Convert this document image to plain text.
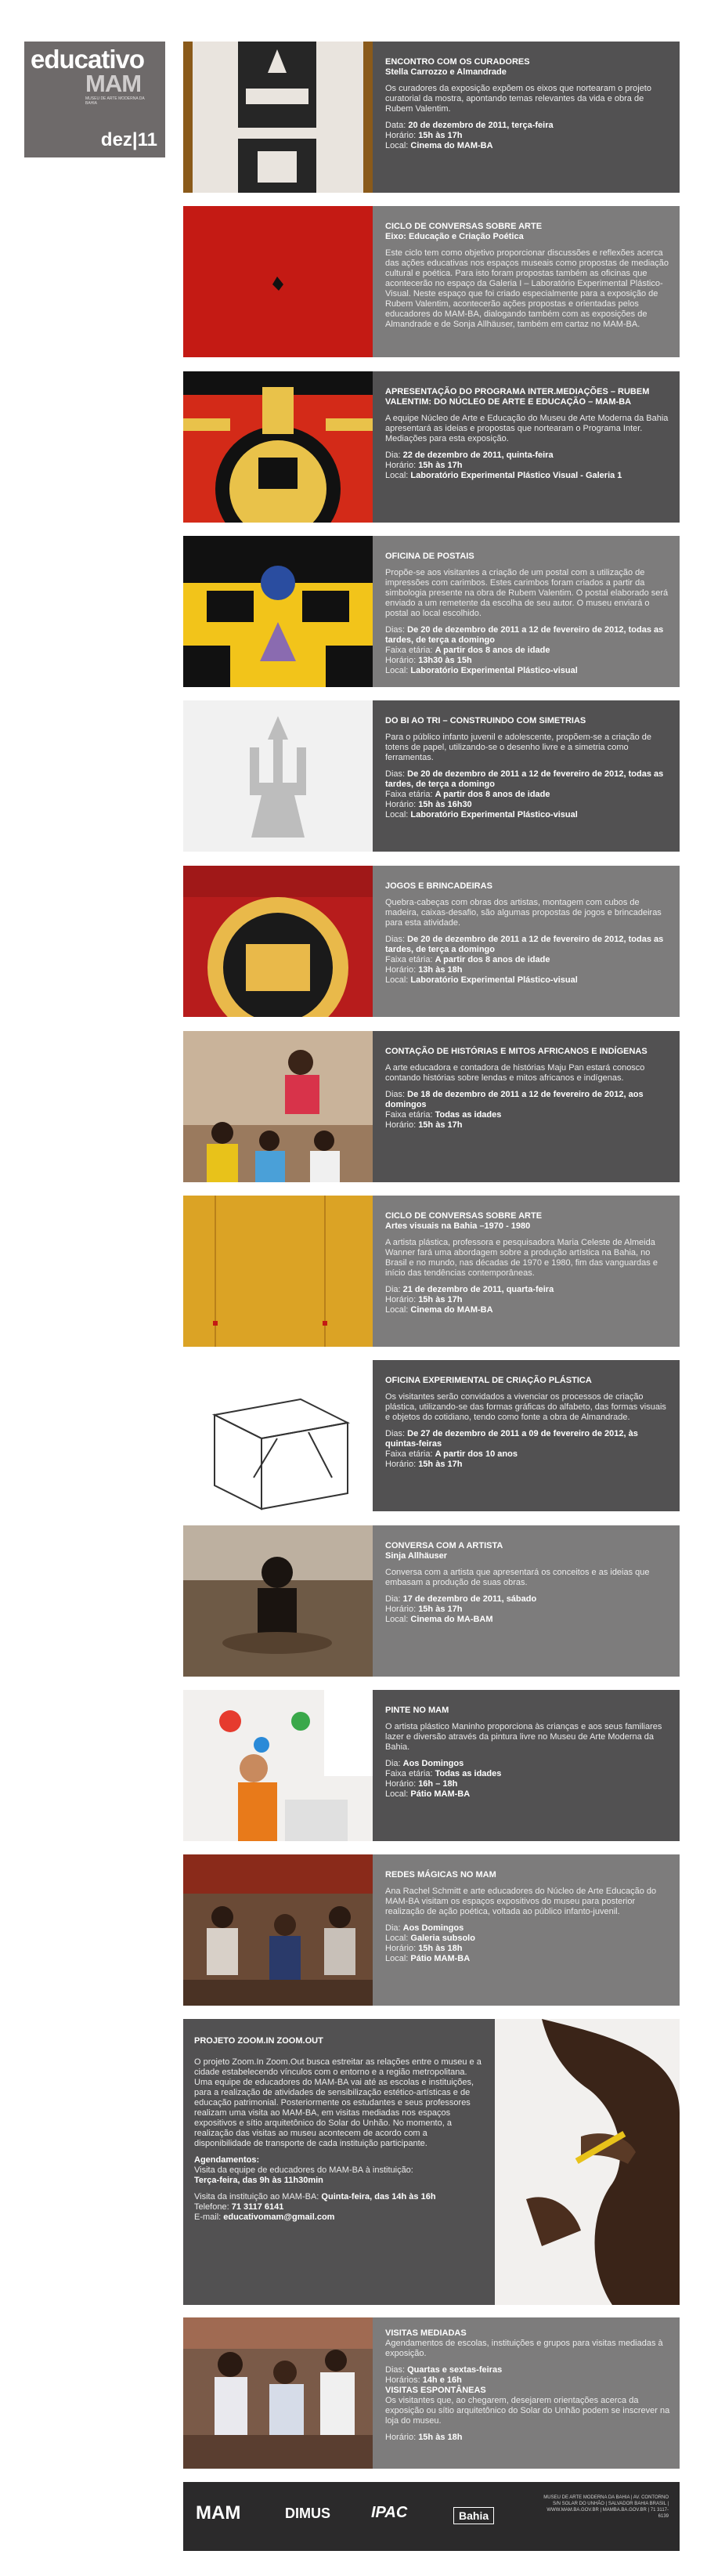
educativo
MAM
MUSEU DE ARTE MODERNA DA BAHIA
dez|11

ENCONTRO COM OS CURADORES

Stella Carrozzo e Almandrade

Os curadores da exposição expõem os eixos que nortearam o projeto curatorial da mostra, apontando temas relevantes da vida e obra de Rubem Valentim.

Data: 20 de dezembro de 2011, terça-feira

Horário: 15h às 17h

Local: Cinema do MAM-BA

CICLO DE CONVERSAS SOBRE ARTE

Eixo: Educação e Criação Poética

Este ciclo tem como objetivo proporcionar discussões e reflexões acerca das ações educativas nos espaços museais como propostas de mediação cultural e poética. Para isto foram propostas também as oficinas que acontecerão no espaço da Galeria I – Laboratório Experimental Plástico-Visual. Neste espaço que foi criado especialmente para a exposição de Rubem Valentim, acontecerão ações propostas e orientadas pelos educadores do MAM-BA, dialogando também com as exposições de Almandrade e de Sonja Allhäuser, também em cartaz no MAM-BA.

APRESENTAÇÃO DO PROGRAMA INTER.MEDIAÇÕES – RUBEM VALENTIM: DO NÚCLEO DE ARTE E EDUCAÇÃO – MAM-BA

A equipe Núcleo de Arte e Educação do Museu de Arte Moderna da Bahia apresentará as ideias e propostas que nortearam o Programa Inter. Mediações para esta exposição.

Dia: 22 de dezembro de 2011, quinta-feira

Horário: 15h às 17h

Local: Laboratório Experimental Plástico Visual - Galeria 1

OFICINA DE POSTAIS

Propõe-se aos visitantes a criação de um postal com a utilização de impressões com carimbos. Estes carimbos foram criados a partir da simbologia presente na obra de Rubem Valentim. O postal elaborado será enviado a um remetente da escolha de seu autor. O museu enviará o postal ao local escolhido.

Dias: De 20 de dezembro de 2011 a 12 de fevereiro de 2012, todas as tardes, de terça a domingo

Faixa etária: A partir dos 8 anos de idade

Horário: 13h30 às 15h

Local: Laboratório Experimental Plástico-visual

DO BI AO TRI – CONSTRUINDO COM SIMETRIAS

Para o público infanto juvenil e adolescente, propõem-se a criação de totens de papel, utilizando-se o desenho livre e a simetria como ferramentas.

Dias: De 20 de dezembro de 2011 a 12 de fevereiro de 2012, todas as tardes, de terça a domingo

Faixa etária: A partir dos 8 anos de idade

Horário: 15h às 16h30

Local: Laboratório Experimental Plástico-visual

JOGOS E BRINCADEIRAS

Quebra-cabeças com obras dos artistas, montagem com cubos de madeira, caixas-desafio, são algumas propostas de jogos e brincadeiras para esta atividade.

Dias: De 20 de dezembro de 2011 a 12 de fevereiro de 2012, todas as tardes, de terça a domingo

Faixa etária: A partir dos 8 anos de idade

Horário: 13h às 18h

Local: Laboratório Experimental Plástico-visual

CONTAÇÃO DE HISTÓRIAS E MITOS AFRICANOS E INDÍGENAS

A arte educadora e contadora de histórias Maju Pan estará conosco contando histórias sobre lendas e mitos africanos e indígenas.

Dias: De 18 de dezembro de 2011 a 12 de fevereiro de 2012, aos domingos

Faixa etária: Todas as idades

Horário: 15h às 17h

CICLO DE CONVERSAS SOBRE ARTE

Artes visuais na Bahia –1970 - 1980

A artista plástica, professora e pesquisadora Maria Celeste de Almeida Wanner fará uma abordagem sobre a produção artística na Bahia, no Brasil e no mundo, nas décadas de 1970 e 1980, fim das vanguardas e início das tendências contemporâneas.

Dia: 21 de dezembro de 2011, quarta-feira

Horário: 15h às 17h

Local: Cinema do MAM-BA

OFICINA EXPERIMENTAL DE CRIAÇÃO PLÁSTICA

Os visitantes serão convidados a vivenciar os processos de criação plástica, utilizando-se das formas gráficas do alfabeto, das formas visuais e objetos do cotidiano, tendo como fonte a obra de Almandrade.

Dias: De 27 de dezembro de 2011 a 09 de fevereiro de 2012, às quintas-feiras

Faixa etária: A partir dos 10 anos

Horário: 15h às 17h

CONVERSA COM A ARTISTA

Sinja Allhäuser

Conversa com a artista que apresentará os conceitos e as ideias que embasam a produção de suas obras.

Dia: 17 de dezembro de 2011, sábado

Horário: 15h às 17h

Local: Cinema do MA-BAM

PINTE NO MAM

O artista plástico Maninho proporciona às crianças e aos seus familiares lazer e diversão através da pintura livre no Museu de Arte Moderna da Bahia.

Dia: Aos Domingos

Faixa etária: Todas as idades

Horário: 16h – 18h

Local: Pátio MAM-BA

REDES MÁGICAS NO MAM

Ana Rachel Schmitt e arte educadores do Núcleo de Arte Educação do MAM-BA visitam os espaços expositivos do museu para posterior realização de ação poética, voltada ao público infanto-juvenil.

Dia: Aos Domingos

Local: Galeria subsolo

Horário: 15h às 18h

Local: Pátio MAM-BA

PROJETO ZOOM.IN ZOOM.OUT

O projeto Zoom.In Zoom.Out busca estreitar as relações entre o museu e a cidade estabelecendo vínculos com o entorno e a região metropolitana.

Uma equipe de educadores do MAM-BA vai até as escolas e instituições, para a realização de atividades de sensibilização estético-artísticas e de educação patrimonial. Posteriormente os estudantes e seus professores realizam uma visita ao MAM-BA, em visitas mediadas nos espaços expositivos e sítio arquitetônico do Solar do Unhão. No momento, a realização das visitas ao museu acontecem de acordo com a disponibilidade de transporte de cada instituição participante.

Agendamentos:

Visita da equipe de educadores do MAM-BA à instituição:

Terça-feira, das 9h às 11h30min

Visita da instituição ao MAM-BA: Quinta-feira, das 14h às 16h

Telefone: 71 3117 6141

E-mail: educativomam@gmail.com

VISITAS MEDIADAS

Agendamentos de escolas, instituições e grupos para visitas mediadas à exposição.

Dias: Quartas e sextas-feiras

Horários: 14h e 16h

VISITAS ESPONTÂNEAS

Os visitantes que, ao chegarem, desejarem orientações acerca da exposição ou sítio arquitetônico do Solar do Unhão podem se inscrever na loja do museu.

Horário: 15h às 18h

MAM	DIMUS	IPAC	Bahia
MUSEU DE ARTE MODERNA DA BAHIA | AV. CONTORNO S/N SOLAR DO UNHÃO | SALVADOR BAHIA BRASIL | WWW.MAM.BA.GOV.BR | MAMBA.BA.GOV.BR | 71 3117-6139
